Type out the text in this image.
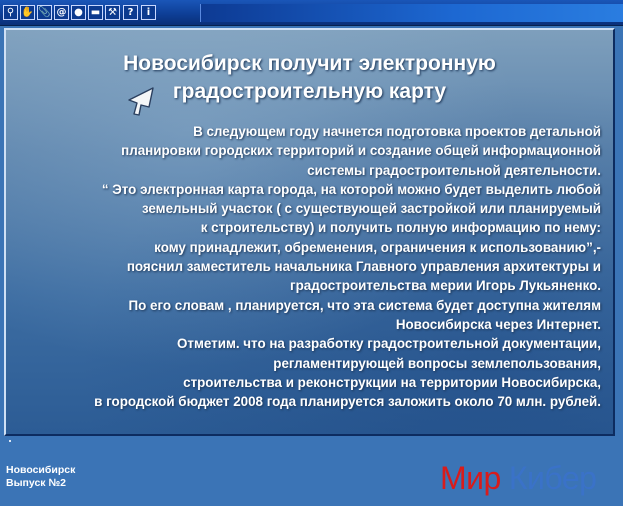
⚲ ✋ 📎 @ ● ▬ ⚒	?	i
Новосибирск получит электронную
градостроительную карту
В следующем году начнется подготовка проектов детальной
планировки городских территорий и создание общей информационной
системы градостроительной деятельности.
“ Это электронная карта города, на которой можно будет выделить любой
земельный участок ( с существующей застройкой или планируемый
к строительству) и получить полную информацию по нему:
кому принадлежит, обременения, ограничения к использованию”,-
пояснил заместитель начальника Главного управления архитектуры и
градостроительства мерии Игорь Лукьяненко.
По его словам , планируется, что эта система будет доступна жителям
Новосибирска через Интернет.
Отметим. что на разработку градостроительной документации,
регламентирующей вопросы землепользования,
строительства и реконструкции на территории Новосибирска,
в городской бюджет 2008 года планируется заложить около 70 млн. рублей.
Новосибирск
Выпуск №2	Мир Кибер
